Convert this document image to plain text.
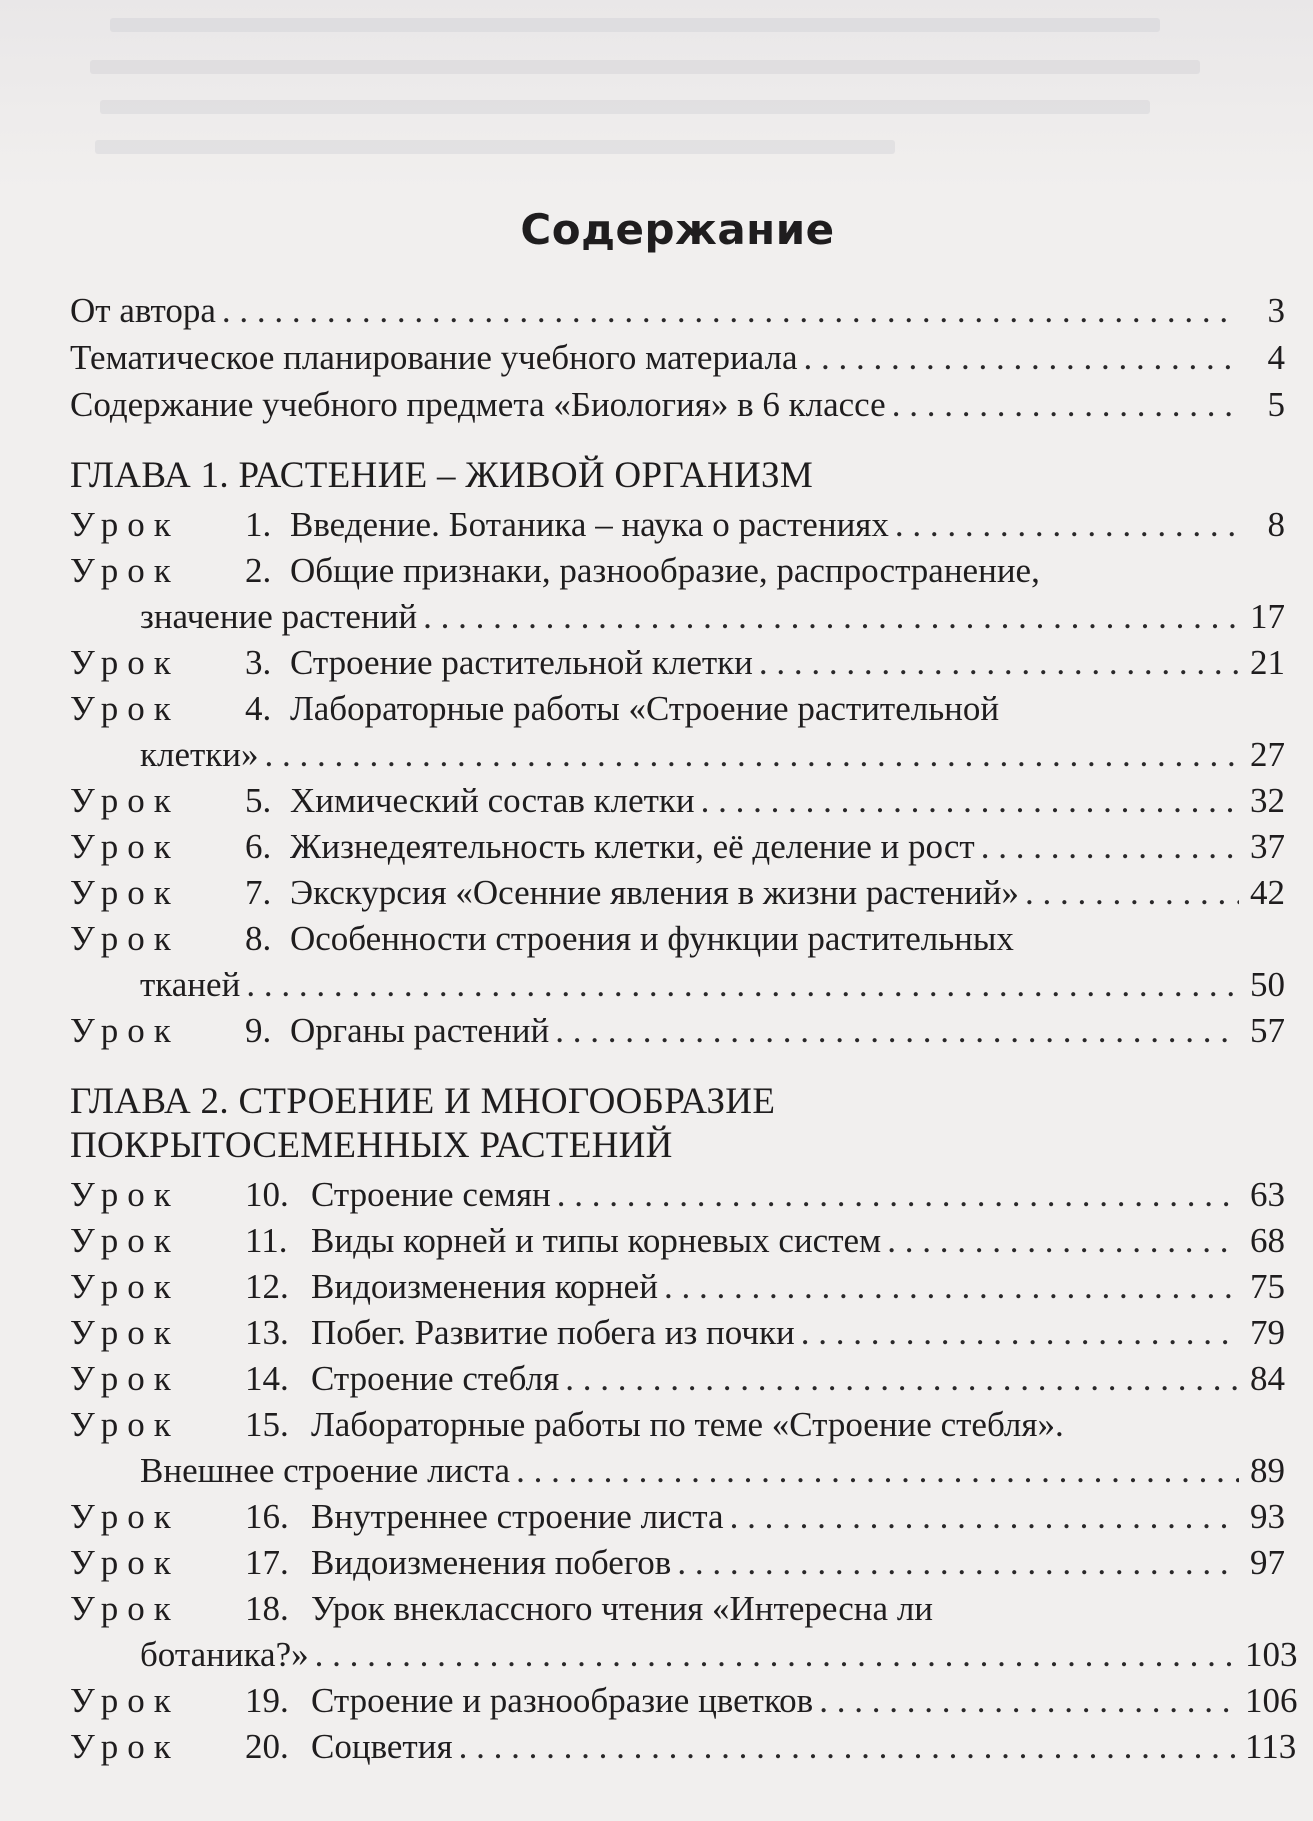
Содержание
От автора . . .	3
Тематическое планирование учебного материала . . .	4
Содержание учебного предмета «Биология» в 6 классе . . .	5
ГЛАВА 1. РАСТЕНИЕ – ЖИВОЙ ОРГАНИЗМ
Урок	1. Введение. Ботаника – наука о растениях . . .	8
Урок	2. Общие признаки, разнообразие, распространение,
значение растений . . .	17
Урок	3. Строение растительной клетки . . .	21
Урок	4. Лабораторные работы «Строение растительной
клетки» . . .	27
Урок	5. Химический состав клетки . . .	32
Урок	6. Жизнедеятельность клетки, её деление и рост . . .	37
Урок	7. Экскурсия «Осенние явления в жизни растений» . . .	42
Урок	8. Особенности строения и функции растительных
тканей . . .	50
Урок	9. Органы растений . . .	57
ГЛАВА 2. СТРОЕНИЕ И МНОГООБРАЗИЕ
ПОКРЫТОСЕМЕННЫХ РАСТЕНИЙ
Урок	10. Строение семян . . .	63
Урок	11. Виды корней и типы корневых систем . . .	68
Урок	12. Видоизменения корней . . .	75
Урок	13. Побег. Развитие побега из почки . . .	79
Урок	14. Строение стебля . . .	84
Урок	15. Лабораторные работы по теме «Строение стебля».
Внешнее строение листа . . .	89
Урок	16. Внутреннее строение листа . . .	93
Урок	17. Видоизменения побегов . . .	97
Урок	18. Урок внеклассного чтения «Интересна ли
ботаника?» . . .	103
Урок	19. Строение и разнообразие цветков . . .	106
Урок	20. Соцветия . . .	113
